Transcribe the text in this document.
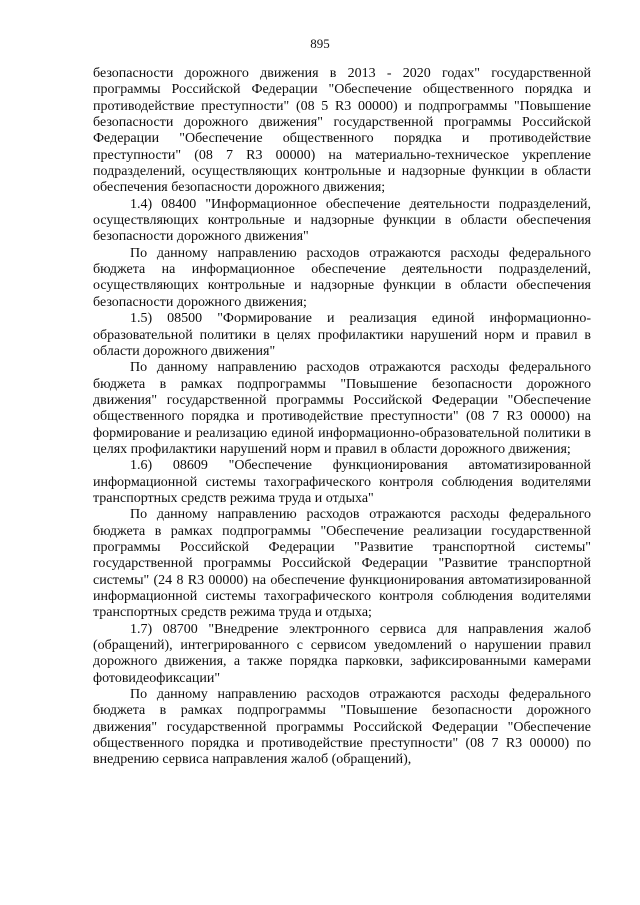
895

безопасности дорожного движения в 2013 - 2020 годах" государственной программы Российской Федерации "Обеспечение общественного порядка и противодействие преступности" (08 5 R3 00000) и подпрограммы "Повышение безопасности дорожного движения" государственной программы Российской Федерации "Обеспечение общественного порядка и противодействие преступности" (08 7 R3 00000) на материально-техническое укрепление подразделений, осуществляющих контрольные и надзорные функции в области обеспечения безопасности дорожного движения;

1.4) 08400 "Информационное обеспечение деятельности подразделений, осуществляющих контрольные и надзорные функции в области обеспечения безопасности дорожного движения"

По данному направлению расходов отражаются расходы федерального бюджета на информационное обеспечение деятельности подразделений, осуществляющих контрольные и надзорные функции в области обеспечения безопасности дорожного движения;

1.5) 08500 "Формирование и реализация единой информационно-образовательной политики в целях профилактики нарушений норм и правил в области дорожного движения"

По данному направлению расходов отражаются расходы федерального бюджета в рамках подпрограммы "Повышение безопасности дорожного движения" государственной программы Российской Федерации "Обеспечение общественного порядка и противодействие преступности" (08 7 R3 00000) на формирование и реализацию единой информационно-образовательной политики в целях профилактики нарушений норм и правил в области дорожного движения;

1.6) 08609 "Обеспечение функционирования автоматизированной информационной системы тахографического контроля соблюдения водителями транспортных средств режима труда и отдыха"

По данному направлению расходов отражаются расходы федерального бюджета в рамках подпрограммы "Обеспечение реализации государственной программы Российской Федерации "Развитие транспортной системы" государственной программы Российской Федерации "Развитие транспортной системы" (24 8 R3 00000) на обеспечение функционирования автоматизированной информационной системы тахографического контроля соблюдения водителями транспортных средств режима труда и отдыха;

1.7) 08700 "Внедрение электронного сервиса для направления жалоб (обращений), интегрированного с сервисом уведомлений о нарушении правил дорожного движения, а также порядка парковки, зафиксированными камерами фотовидеофиксации"

По данному направлению расходов отражаются расходы федерального бюджета в рамках подпрограммы "Повышение безопасности дорожного движения" государственной программы Российской Федерации "Обеспечение общественного порядка и противодействие преступности" (08 7 R3 00000) по внедрению сервиса направления жалоб (обращений),
